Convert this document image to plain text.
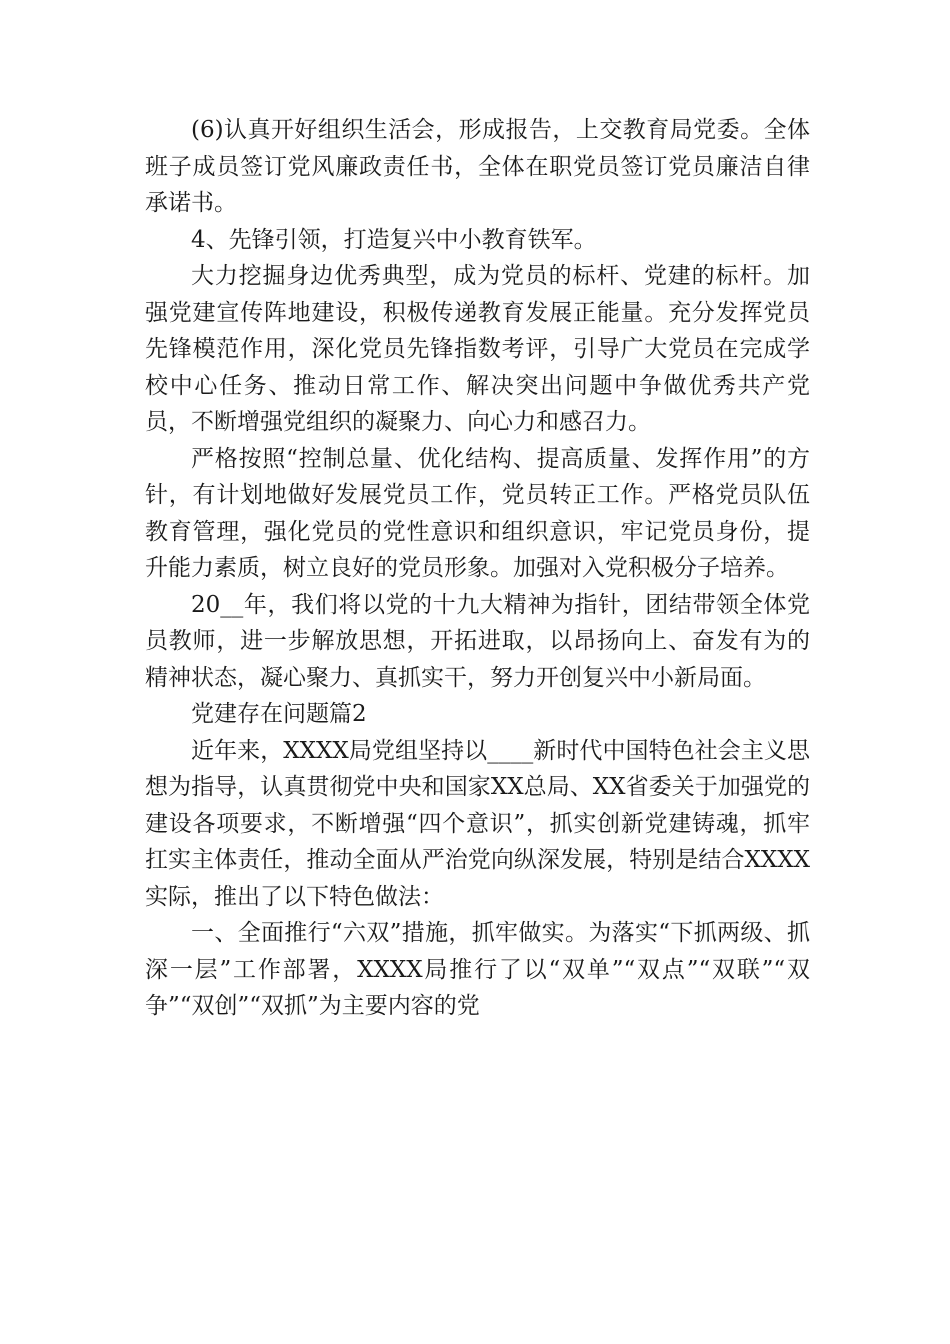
(6)认真开好组织生活会，形成报告，上交教育局党委。全体班子成员签订党风廉政责任书，全体在职党员签订党员廉洁自律承诺书。

4、先锋引领，打造复兴中小教育铁军。

大力挖掘身边优秀典型，成为党员的标杆、党建的标杆。加强党建宣传阵地建设，积极传递教育发展正能量。充分发挥党员先锋模范作用，深化党员先锋指数考评，引导广大党员在完成学校中心任务、推动日常工作、解决突出问题中争做优秀共产党员，不断增强党组织的凝聚力、向心力和感召力。

严格按照“控制总量、优化结构、提高质量、发挥作用”的方针，有计划地做好发展党员工作，党员转正工作。严格党员队伍教育管理，强化党员的党性意识和组织意识，牢记党员身份，提升能力素质，树立良好的党员形象。加强对入党积极分子培养。

20__年，我们将以党的十九大精神为指针，团结带领全体党员教师，进一步解放思想，开拓进取，以昂扬向上、奋发有为的精神状态，凝心聚力、真抓实干，努力开创复兴中小新局面。

党建存在问题篇2

近年来，XXXX局党组坚持以____新时代中国特色社会主义思想为指导，认真贯彻党中央和国家XX总局、XX省委关于加强党的建设各项要求，不断增强“四个意识”，抓实创新党建铸魂，抓牢扛实主体责任，推动全面从严治党向纵深发展，特别是结合XXXX实际，推出了以下特色做法：

一、全面推行“六双”措施，抓牢做实。为落实“下抓两级、抓深一层”工作部署，XXXX局推行了以“双单”“双点”“双联”“双争”“双创”“双抓”为主要内容的党
